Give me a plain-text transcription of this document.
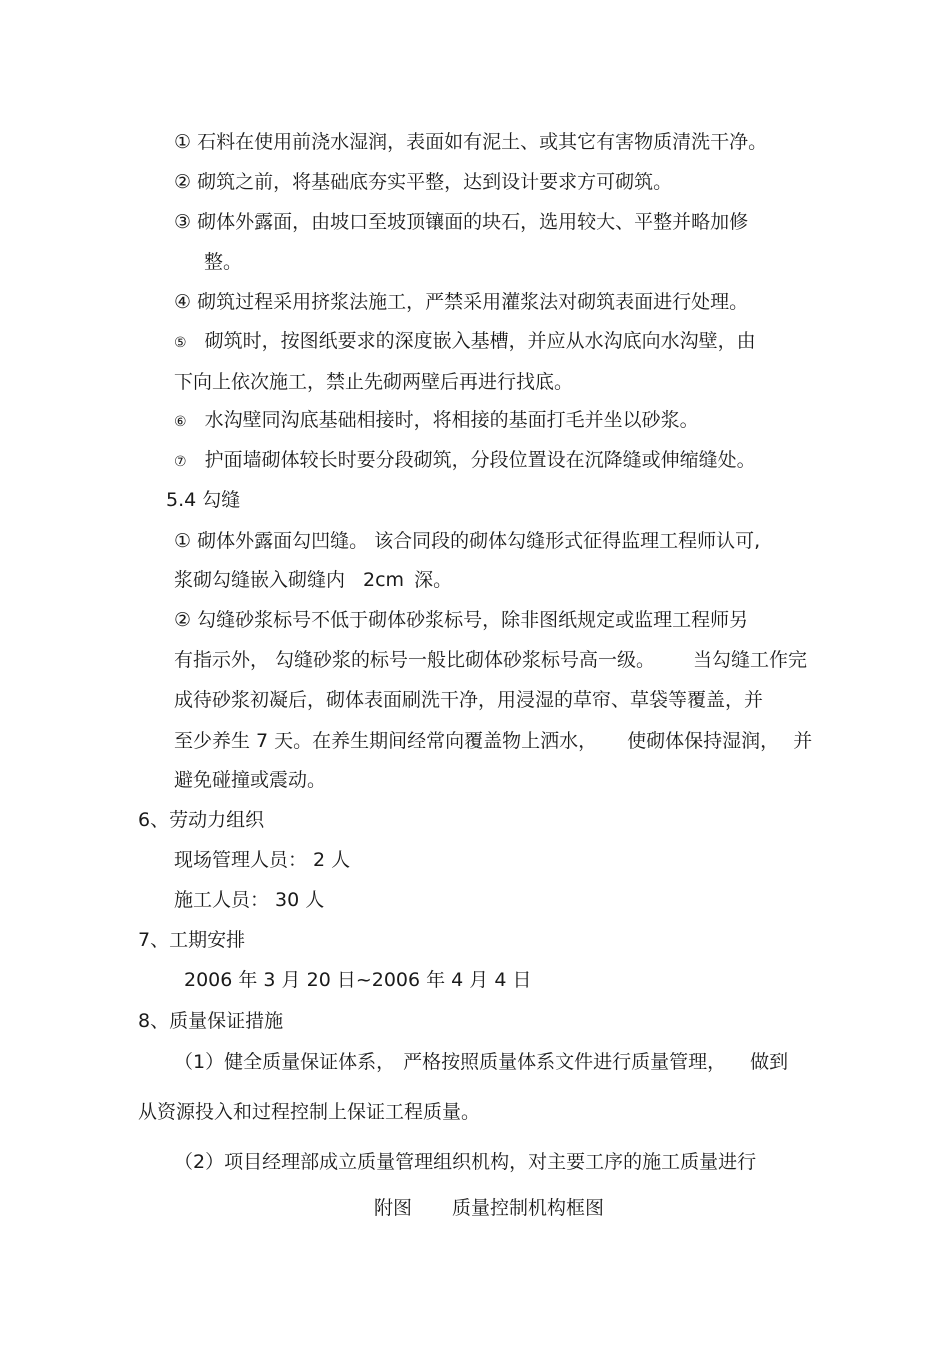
① 石料在使用前浇水湿润，表面如有泥土、或其它有害物质清洗干净。
② 砌筑之前，将基础底夯实平整，达到设计要求方可砌筑。
③ 砌体外露面，由坡口至坡顶镶面的块石，选用较大、平整并略加修
整。
④ 砌筑过程采用挤浆法施工，严禁采用灌浆法对砌筑表面进行处理。
⑤ 砌筑时，按图纸要求的深度嵌入基槽，并应从水沟底向水沟壁，由
下向上依次施工，禁止先砌两壁后再进行找底。
⑥ 水沟壁同沟底基础相接时，将相接的基面打毛并坐以砂浆。
⑦ 护面墙砌体较长时要分段砌筑，分段位置设在沉降缝或伸缩缝处。
5.4 勾缝
① 砌体外露面勾凹缝。 该合同段的砌体勾缝形式征得监理工程师认可,
浆砌勾缝嵌入砌缝内 2cm 深。
② 勾缝砂浆标号不低于砌体砂浆标号，除非图纸规定或监理工程师另
有指示外， 勾缝砂浆的标号一般比砌体砂浆标号高一级。 当勾缝工作完
成待砂浆初凝后，砌体表面刷洗干净，用浸湿的草帘、草袋等覆盖，并
至少养生 7 天。在养生期间经常向覆盖物上洒水， 使砌体保持湿润， 并
避免碰撞或震动。
6、劳动力组织
现场管理人员： 2 人
施工人员： 30 人
7、工期安排
2006 年 3 月 20 日~2006 年 4 月 4 日
8、质量保证措施
（1）健全质量保证体系， 严格按照质量体系文件进行质量管理， 做到
从资源投入和过程控制上保证工程质量。
（2）项目经理部成立质量管理组织机构，对主要工序的施工质量进行
附图 质量控制机构框图
